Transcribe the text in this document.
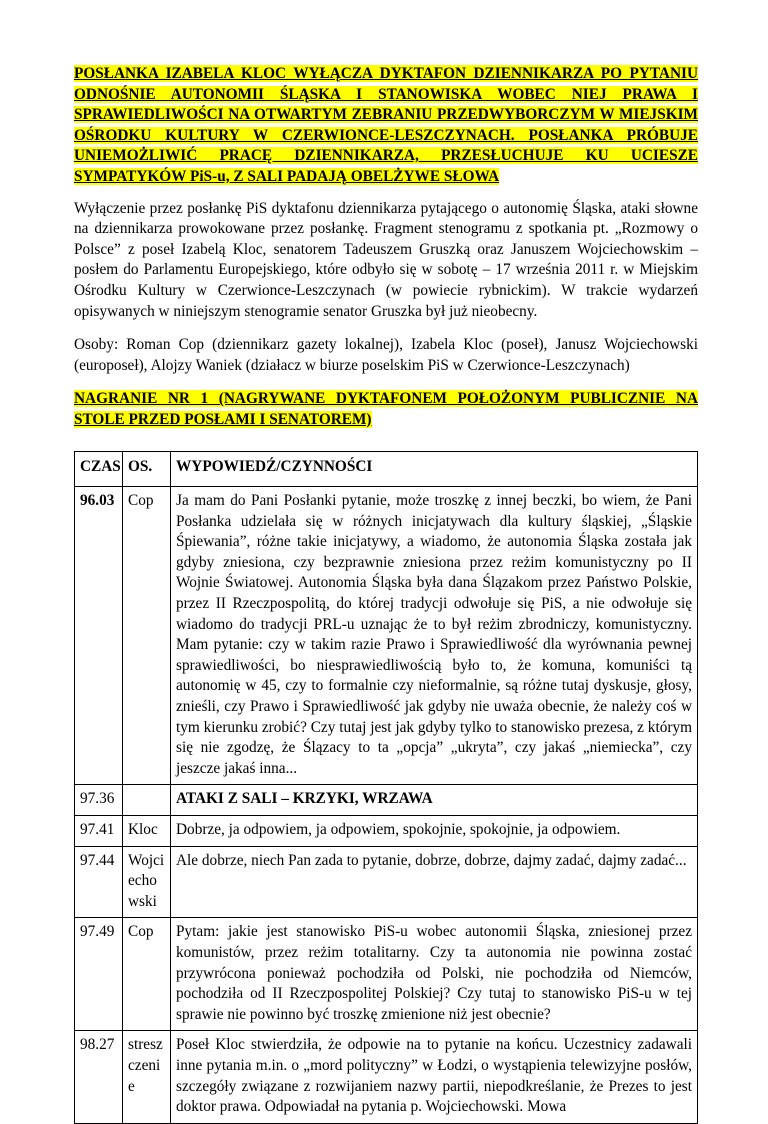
POSŁANKA IZABELA KLOC WYŁĄCZA DYKTAFON DZIENNIKARZA PO PYTANIU ODNOŚNIE AUTONOMII ŚLĄSKA I STANOWISKA WOBEC NIEJ PRAWA I SPRAWIEDLIWOŚCI NA OTWARTYM ZEBRANIU PRZEDWYBORCZYM W MIEJSKIM OŚRODKU KULTURY W CZERWIONCE-LESZCZYNACH. POSŁANKA PRÓBUJE UNIEMOŻLIWIĆ PRACĘ DZIENNIKARZA, PRZESŁUCHUJE KU UCIESZE SYMPATYKÓW PiS-u, Z SALI PADAJĄ OBELŻYWE SŁOWA

Wyłączenie przez posłankę PiS dyktafonu dziennikarza pytającego o autonomię Śląska, ataki słowne na dziennikarza prowokowane przez posłankę. Fragment stenogramu z spotkania pt. „Rozmowy o Polsce” z poseł Izabelą Kloc, senatorem Tadeuszem Gruszką oraz Januszem Wojciechowskim – posłem do Parlamentu Europejskiego, które odbyło się w sobotę – 17 września 2011 r. w Miejskim Ośrodku Kultury w Czerwionce-Leszczynach (w powiecie rybnickim). W trakcie wydarzeń opisywanych w niniejszym stenogramie senator Gruszka był już nieobecny.

Osoby: Roman Cop (dziennikarz gazety lokalnej), Izabela Kloc (poseł), Janusz Wojciechowski (europoseł), Alojzy Waniek (działacz w biurze poselskim PiS w Czerwionce-Leszczynach)

NAGRANIE NR 1 (NAGRYWANE DYKTAFONEM POŁOŻONYM PUBLICZNIE NA STOLE PRZED POSŁAMI I SENATOREM)

CZAS	OS.	WYPOWIEDŹ/CZYNNOŚCI
96.03	Cop	Ja mam do Pani Posłanki pytanie, może troszkę z innej beczki, bo wiem, że Pani Posłanka udzielała się w różnych inicjatywach dla kultury śląskiej, „Śląskie Śpiewania”, różne takie inicjatywy, a wiadomo, że autonomia Śląska została jak gdyby zniesiona, czy bezprawnie zniesiona przez reżim komunistyczny po II Wojnie Światowej. Autonomia Śląska była dana Ślązakom przez Państwo Polskie, przez II Rzeczpospolitą, do której tradycji odwołuje się PiS, a nie odwołuje się wiadomo do tradycji PRL-u uznając że to był reżim zbrodniczy, komunistyczny. Mam pytanie: czy w takim razie Prawo i Sprawiedliwość dla wyrównania pewnej sprawiedliwości, bo niesprawiedliwością było to, że komuna, komuniści tą autonomię w 45, czy to formalnie czy nieformalnie, są różne tutaj dyskusje, głosy, znieśli, czy Prawo i Sprawiedliwość jak gdyby nie uważa obecnie, że należy coś w tym kierunku zrobić? Czy tutaj jest jak gdyby tylko to stanowisko prezesa, z którym się nie zgodzę, że Ślązacy to ta „opcja” „ukryta”, czy jakaś „niemiecka”, czy jeszcze jakaś inna...
97.36		ATAKI Z SALI – KRZYKI, WRZAWA
97.41	Kloc	Dobrze, ja odpowiem, ja odpowiem, spokojnie, spokojnie, ja odpowiem.
97.44	Wojciechowski	Ale dobrze, niech Pan zada to pytanie, dobrze, dobrze, dajmy zadać, dajmy zadać...
97.49	Cop	Pytam: jakie jest stanowisko PiS-u wobec autonomii Śląska, zniesionej przez komunistów, przez reżim totalitarny. Czy ta autonomia nie powinna zostać przywrócona ponieważ pochodziła od Polski, nie pochodziła od Niemców, pochodziła od II Rzeczpospolitej Polskiej? Czy tutaj to stanowisko PiS-u w tej sprawie nie powinno być troszkę zmienione niż jest obecnie?
98.27	streszczenie	Poseł Kloc stwierdziła, że odpowie na to pytanie na końcu. Uczestnicy zadawali inne pytania m.in. o „mord polityczny” w Łodzi, o wystąpienia telewizyjne posłów, szczegóły związane z rozwijaniem nazwy partii, niepodkreślanie, że Prezes to jest doktor prawa. Odpowiadał na pytania p. Wojciechowski. Mowa
